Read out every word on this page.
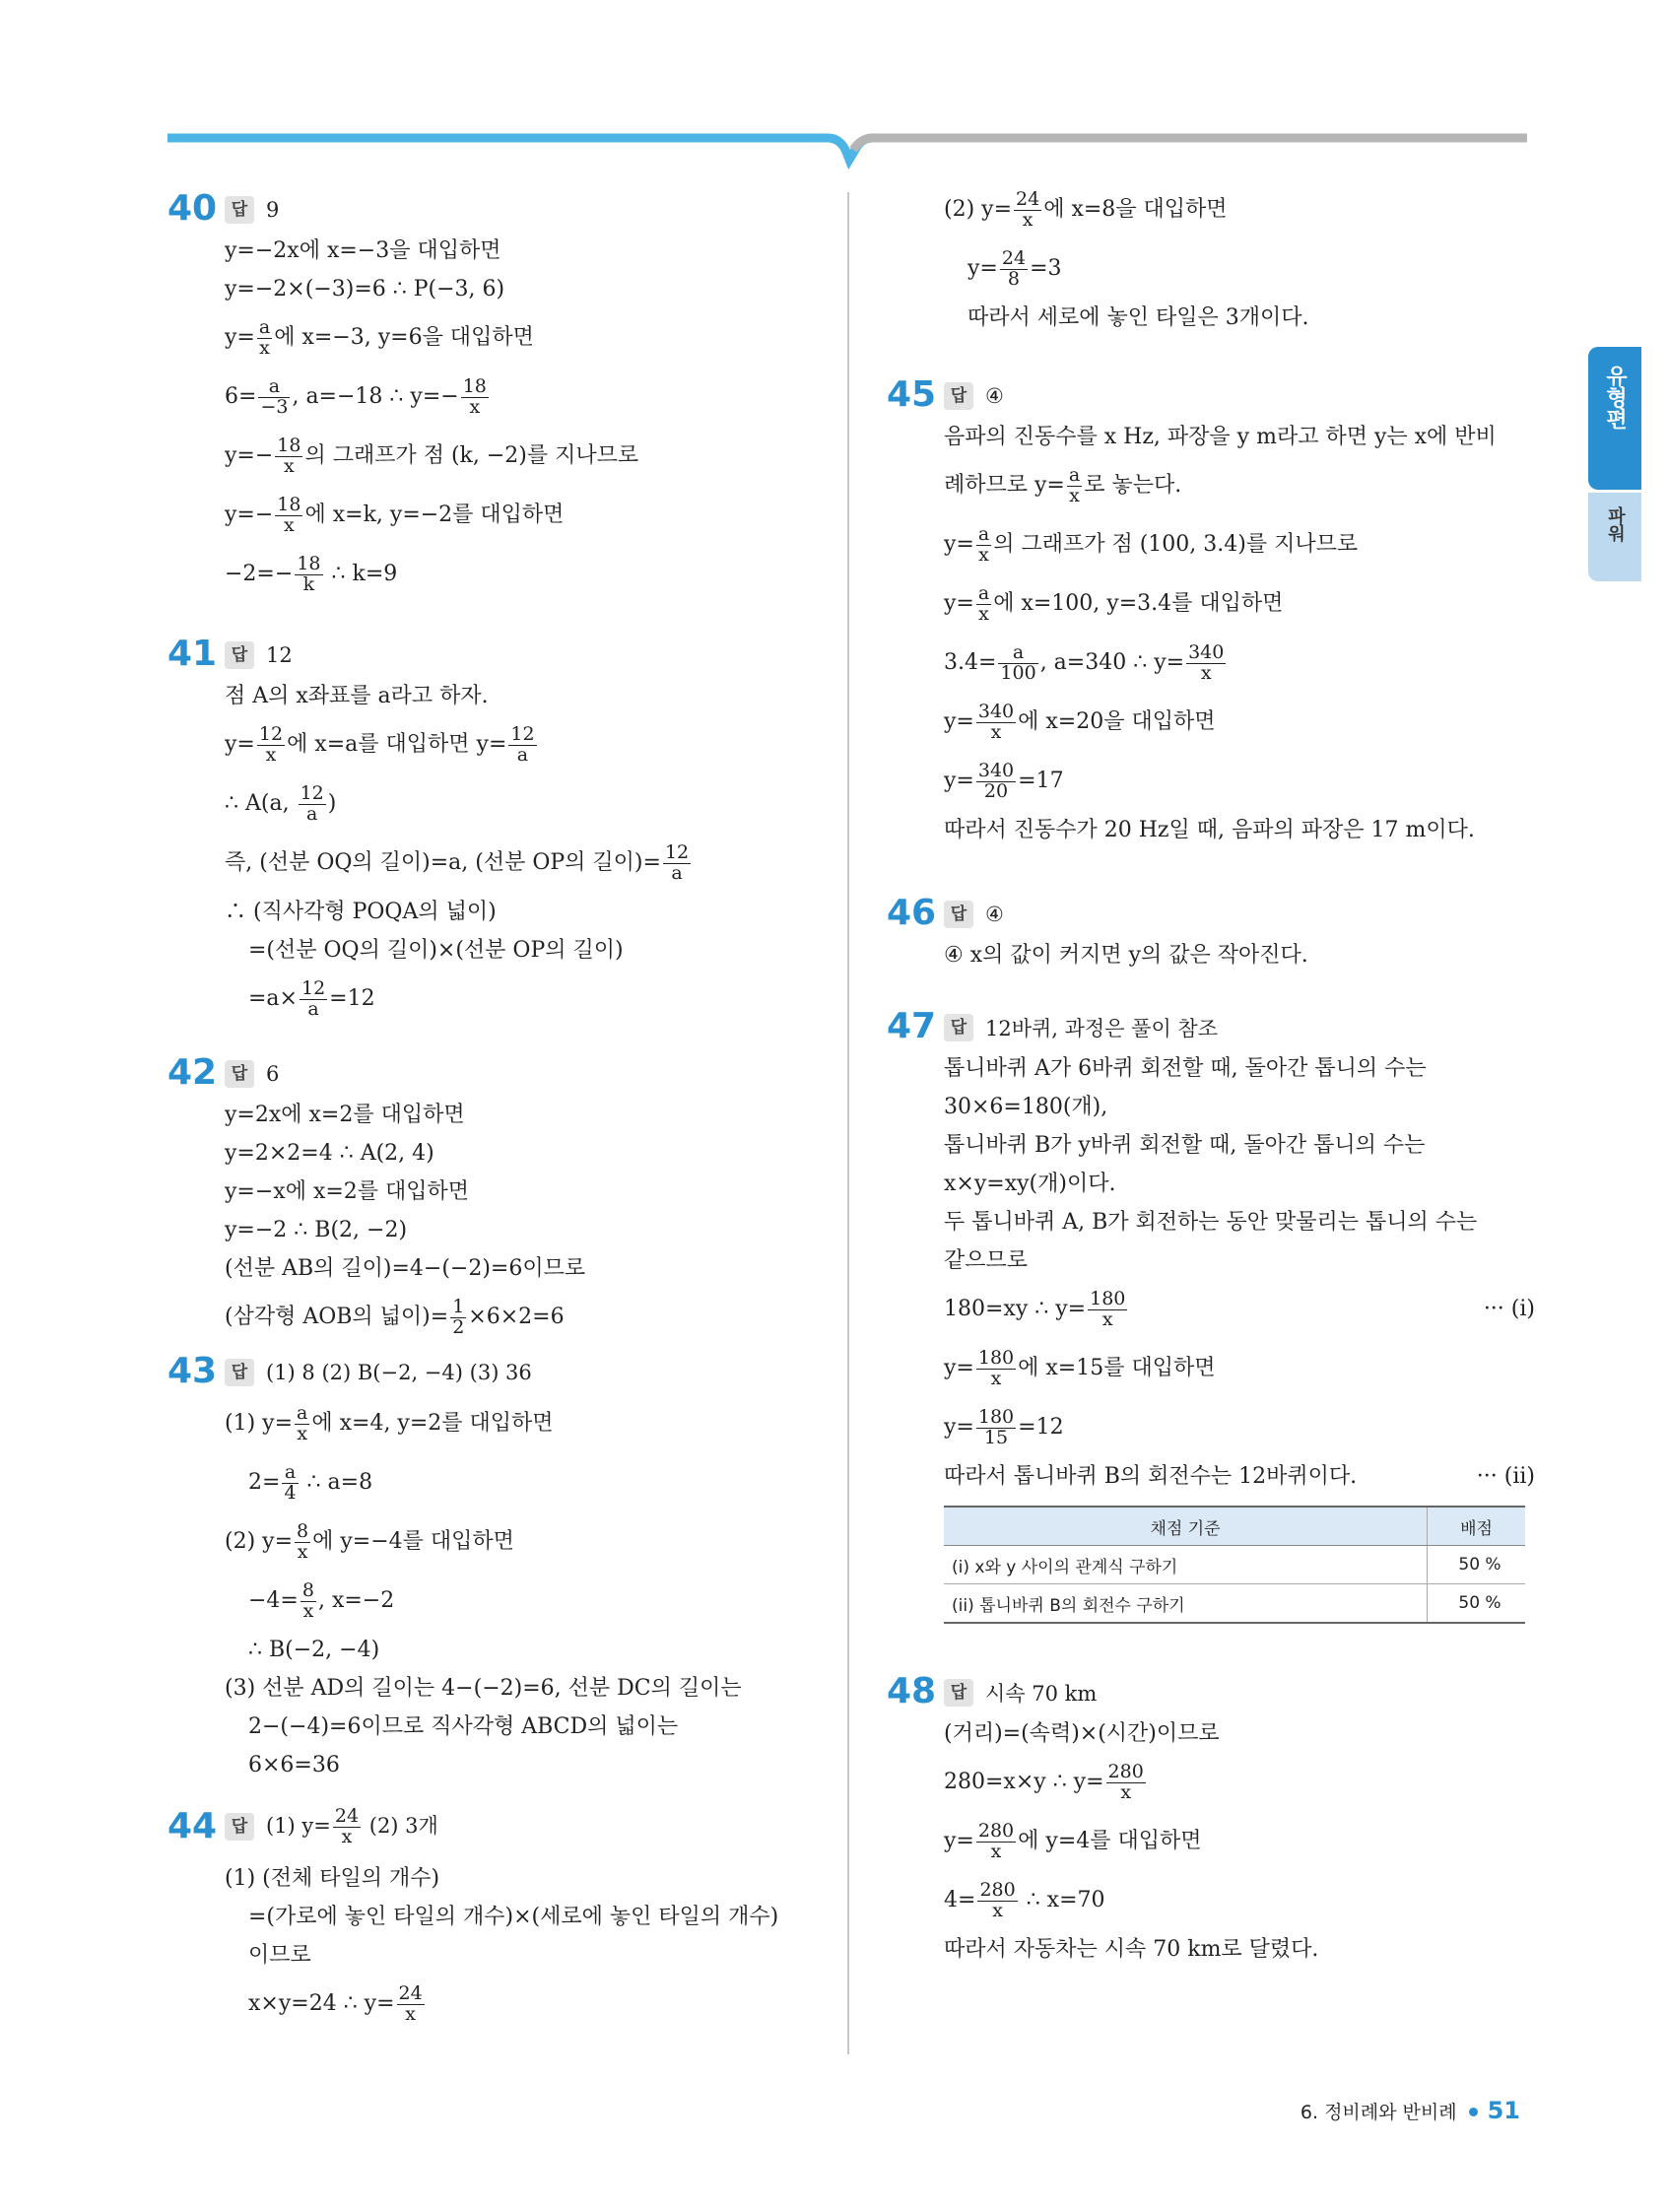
유형편
파워
40 답 9
y=−2x에 x=−3을 대입하면
y=−2×(−3)=6 ∴ P(−3, 6)
$y= \frac{a}{x}$ 에 x=−3, y=6을 대입하면
$6= \frac{a}{-3}$ , a=−18 ∴ $y=- \frac{18}{x}$
$y=- \frac{18}{x}$ 의 그래프가 점 (k, −2)를 지나므로
$y=- \frac{18}{x}$ 에 x=k, y=−2를 대입하면
$-2=- \frac{18}{k}$ ∴ k=9
41 답 12
점 A의 x좌표를 a라고 하자.
$y= \frac{12}{x}$ 에 x=a를 대입하면 $y= \frac{12}{a}$
∴ A(a, $\frac{12}{a}$ )
즉, (선분 OQ의 길이)=a, (선분 OP의 길이)= $\frac{12}{a}$
∴ (직사각형 POQA의 넓이)
=(선분 OQ의 길이)×(선분 OP의 길이)
$=a\times \frac{12}{a} =12$
42 답 6
y=2x에 x=2를 대입하면
y=2×2=4 ∴ A(2, 4)
y=−x에 x=2를 대입하면
y=−2 ∴ B(2, −2)
(선분 AB의 길이)=4−(−2)=6이므로
(삼각형 AOB의 넓이)= $\frac{1}{2} \times 6\times 2=6$
43 답 (1) 8 (2) B(−2, −4) (3) 36
(1) $y= \frac{a}{x}$ 에 x=4, y=2를 대입하면
$2= \frac{a}{4}$ ∴ a=8
(2) $y= \frac{8}{x}$ 에 y=−4를 대입하면
$-4= \frac{8}{x}$ , x=−2
∴ B(−2, −4)
(3) 선분 AD의 길이는 4−(−2)=6, 선분 DC의 길이는
2−(−4)=6이므로 직사각형 ABCD의 넓이는
6×6=36
44 답 (1) $y= \frac{24}{x} (2)$ 3개
(1) (전체 타일의 개수)
=(가로에 놓인 타일의 개수)×(세로에 놓인 타일의 개수)
이므로
x×y=24 ∴ $y= \frac{24}{x}$
(2) $y= \frac{24}{x}$ 에 x=8을 대입하면
$y= \frac{24}{8} =3$
따라서 세로에 놓인 타일은 3개이다.
45 답 ④
음파의 진동수를 x Hz, 파장을 y m라고 하면 y는 x에 반비
례하므로 $y= \frac{a}{x}$ 로 놓는다.
$y= \frac{a}{x}$ 의 그래프가 점 (100, 3.4)를 지나므로
$y= \frac{a}{x}$ 에 x=100, y=3.4를 대입하면
$3.4= \frac{a}{100}$ , a=340 ∴ $y= \frac{340}{x}$
$y= \frac{340}{x}$ 에 x=20을 대입하면
$y= \frac{340}{20} =17$
따라서 진동수가 20 Hz일 때, 음파의 파장은 17 m이다.
46 답 ④
④ x의 값이 커지면 y의 값은 작아진다.
47 답 12바퀴, 과정은 풀이 참조
톱니바퀴 A가 6바퀴 회전할 때, 돌아간 톱니의 수는
30×6=180(개),
톱니바퀴 B가 y바퀴 회전할 때, 돌아간 톱니의 수는
x×y=xy(개)이다.
두 톱니바퀴 A, B가 회전하는 동안 맞물리는 톱니의 수는
같으므로
180=xy ∴ $y= \frac{180}{x}$	··· (i)
$y= \frac{180}{x}$ 에 x=15를 대입하면
$y= \frac{180}{15} =12$
따라서 톱니바퀴 B의 회전수는 12바퀴이다.	··· (ii)
채점 기준	배점
(i) x와 y 사이의 관계식 구하기	50 %
(ii) 톱니바퀴 B의 회전수 구하기	50 %
48 답 시속 70 km
(거리)=(속력)×(시간)이므로
280=x×y ∴ $y= \frac{280}{x}$
$y= \frac{280}{x}$ 에 y=4를 대입하면
$4= \frac{280}{x}$ ∴ x=70
따라서 자동차는 시속 70 km로 달렸다.
6. 정비례와 반비례 51
